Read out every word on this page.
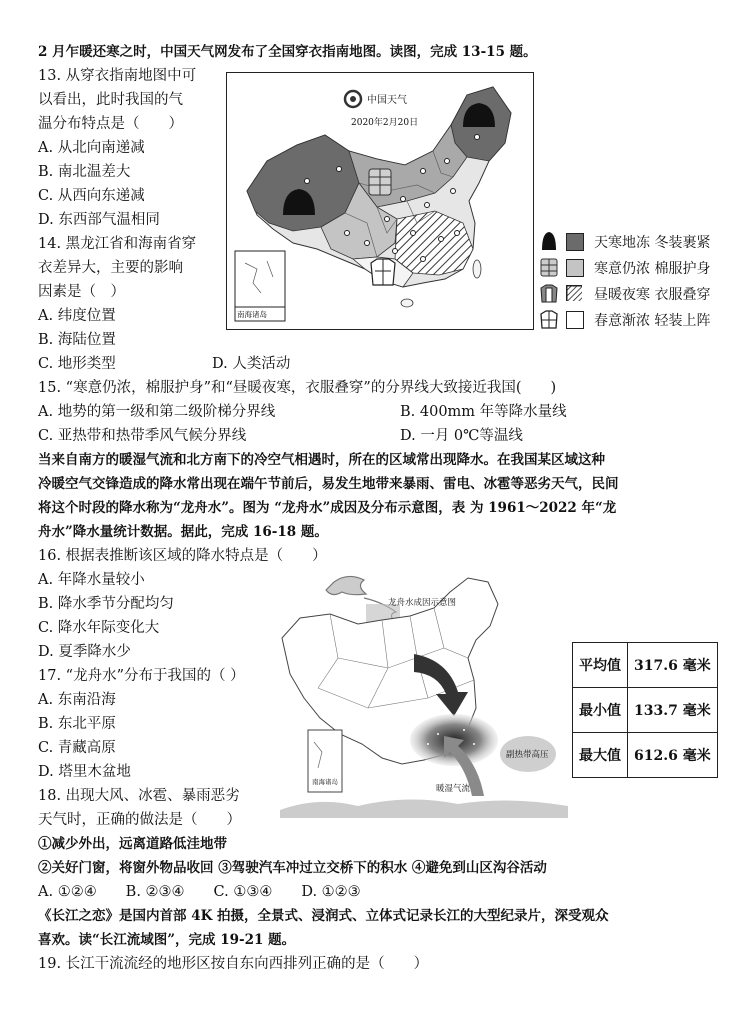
2 月乍暖还寒之时，中国天气网发布了全国穿衣指南地图。读图，完成 13-15 题。
13. 从穿衣指南地图中可
以看出，此时我国的气
温分布特点是（　　）
A. 从北向南递减
B. 南北温差大
C. 从西向东递减
D. 东西部气温相同
14. 黑龙江省和海南省穿
衣差异大，主要的影响
因素是（　）
A. 纬度位置
B. 海陆位置
C. 地形类型	D. 人类活动
中国天气
2020年2月20日
南海诸岛
天寒地冻 冬装裹紧
寒意仍浓 棉服护身
昼暖夜寒 衣服叠穿
春意渐浓 轻装上阵
15. “寒意仍浓，棉服护身”和“昼暖夜寒，衣服叠穿”的分界线大致接近我国(　　)
A. 地势的第一级和第二级阶梯分界线	B. 400mm 年等降水量线
C. 亚热带和热带季风气候分界线	D. 一月 0℃等温线
当来自南方的暖湿气流和北方南下的冷空气相遇时，所在的区域常出现降水。在我国某区域这种
冷暖空气交锋造成的降水常出现在端午节前后，易发生地带来暴雨、雷电、冰雹等恶劣天气，民间
将这个时段的降水称为“龙舟水”。图为 “龙舟水”成因及分布示意图，表 为 1961～2022 年“龙
舟水”降水量统计数据。据此，完成 16-18 题。
16. 根据表推断该区域的降水特点是（　　）
A. 年降水量较小
B. 降水季节分配均匀
C. 降水年际变化大
D. 夏季降水少
17. “龙舟水”分布于我国的（ ）
A. 东南沿海
B. 东北平原
C. 青藏高原
D. 塔里木盆地
龙舟水成因示意图
副热带高压
暖湿气流
南海诸岛
平均值	317.6 毫米
最小值	133.7 毫米
最大值	612.6 毫米
18. 出现大风、冰雹、暴雨恶劣
天气时，正确的做法是（　　）
①减少外出，远离道路低洼地带
②关好门窗，将窗外物品收回 ③驾驶汽车冲过立交桥下的积水 ④避免到山区沟谷活动
A. ①②④　　B. ②③④　　C. ①③④　　D. ①②③
《长江之恋》是国内首部 4K 拍摄，全景式、浸润式、立体式记录长江的大型纪录片，深受观众
喜欢。读“长江流域图”，完成 19-21 题。
19. 长江干流流经的地形区按自东向西排列正确的是（　　）
